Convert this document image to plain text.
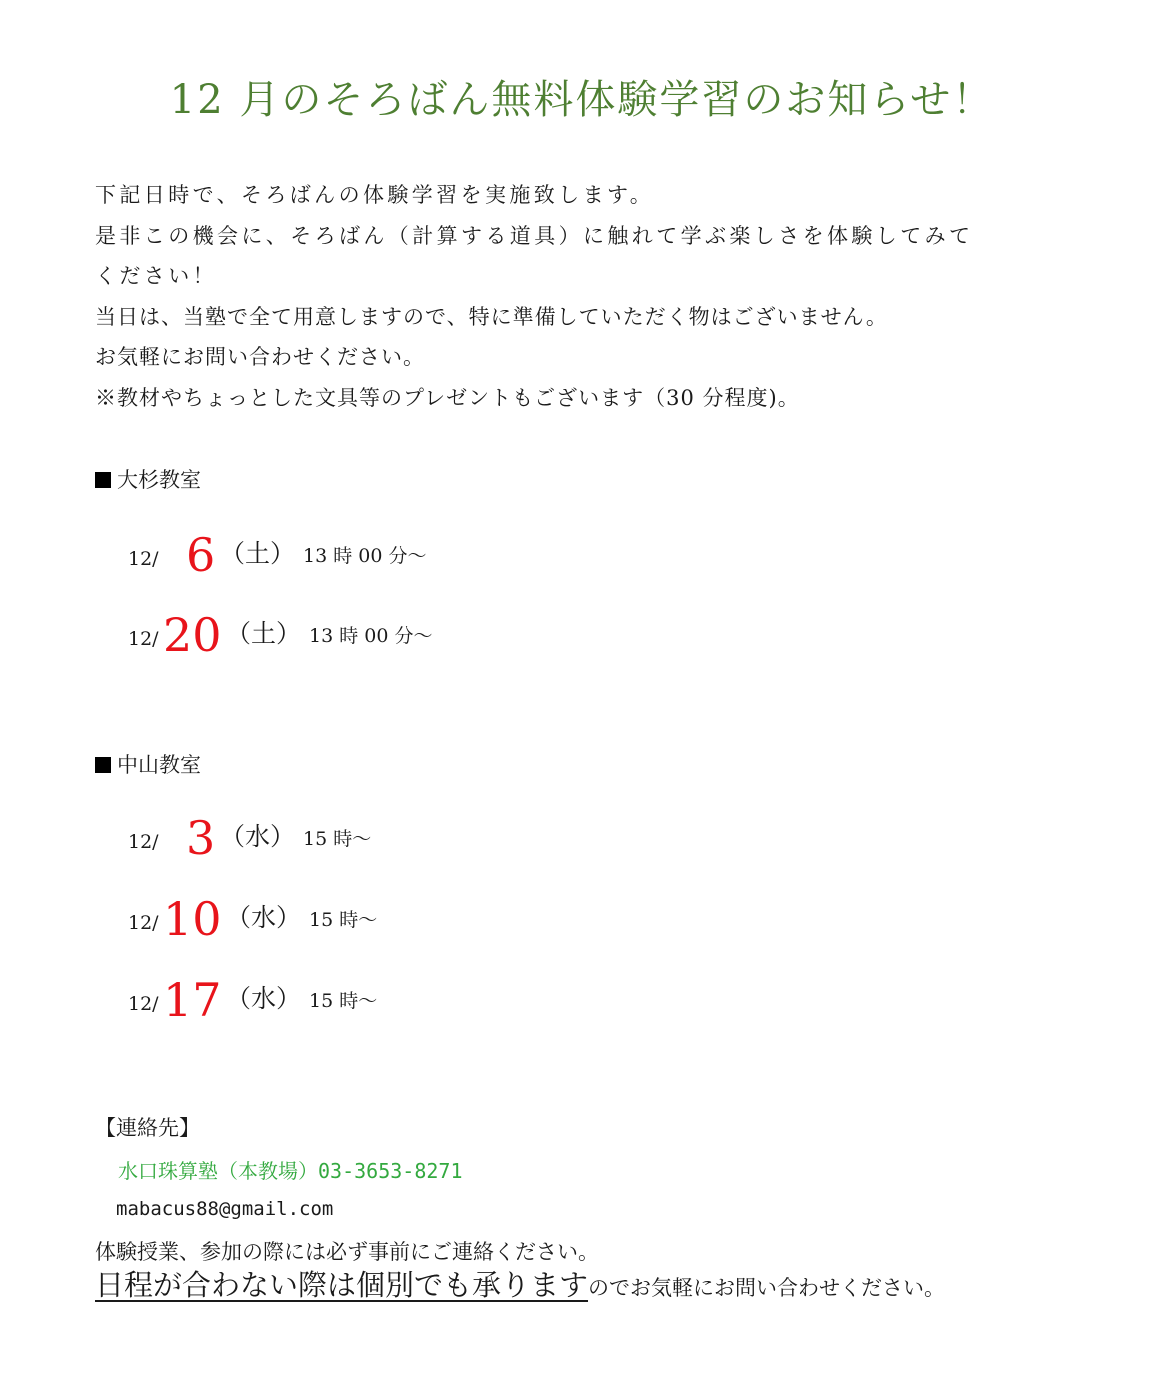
12 月のそろばん無料体験学習のお知らせ！

下記日時で、そろばんの体験学習を実施致します。

是非この機会に、そろばん（計算する道具）に触れて学ぶ楽しさを体験してみて

ください！

当日は、当塾で全て用意しますので、特に準備していただく物はございません。

お気軽にお問い合わせください。

※教材やちょっとした文具等のプレゼントもございます（30 分程度)。

大杉教室
12/ 6 （土） 13 時 00 分～
12/ 20 （土） 13 時 00 分～
中山教室
12/ 3 （水） 15 時～
12/ 10 （水） 15 時～
12/ 17 （水） 15 時～
【連絡先】
水口珠算塾（本教場）03-3653-8271
mabacus88@gmail.com
体験授業、参加の際には必ず事前にご連絡ください。
日程が合わない際は個別でも承りますのでお気軽にお問い合わせください。
